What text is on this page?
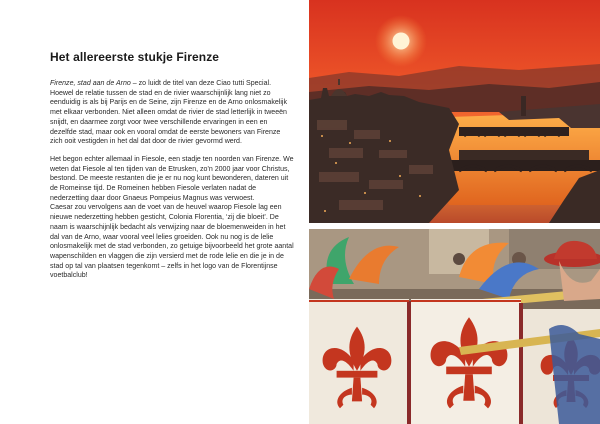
Het allereerste stukje Firenze

Firenze, stad aan de Arno – zo luidt de titel van deze Ciao tutti Special. Hoewel de relatie tussen de stad en de rivier waarschijnlijk lang niet zo eenduidig is als bij Parijs en de Seine, zijn Firenze en de Arno onlosmakelijk met elkaar verbonden. Niet alleen omdat de rivier de stad letterlijk in tweeën snijdt, en daarmee zorgt voor twee verschillende ervaringen in een en dezelfde stad, maar ook en vooral omdat de eerste bewoners van Firenze zich ooit vestigden in het dal dat door de rivier gevormd werd.

Het begon echter allemaal in Fiesole, een stadje ten noorden van Firenze. We weten dat Fiesole al ten tijden van de Etrusken, zo'n 2000 jaar voor Christus, bestond. De meeste restanten die je er nu nog kunt bewonderen, dateren uit de Romeinse tijd. De Romeinen hebben Fiesole verlaten nadat de nederzetting daar door Gnaeus Pompeius Magnus was verwoest.

Caesar zou vervolgens aan de voet van de heuvel waarop Fiesole lag een nieuwe nederzetting hebben gesticht, Colonia Florentia, ‘zij die bloeit’. De naam is waarschijnlijk bedacht als verwijzing naar de bloemenweiden in het dal van de Arno, waar vooral veel lelies groeiden. Ook nu nog is de lelie onlosmakelijk met de stad verbonden, zo getuige bijvoorbeeld het grote aantal wapenschilden en vlaggen die zijn versierd met de rode lelie en die je in de stad op tal van plaatsen tegenkomt – zelfs in het logo van de Florentijnse voetbalclub!
